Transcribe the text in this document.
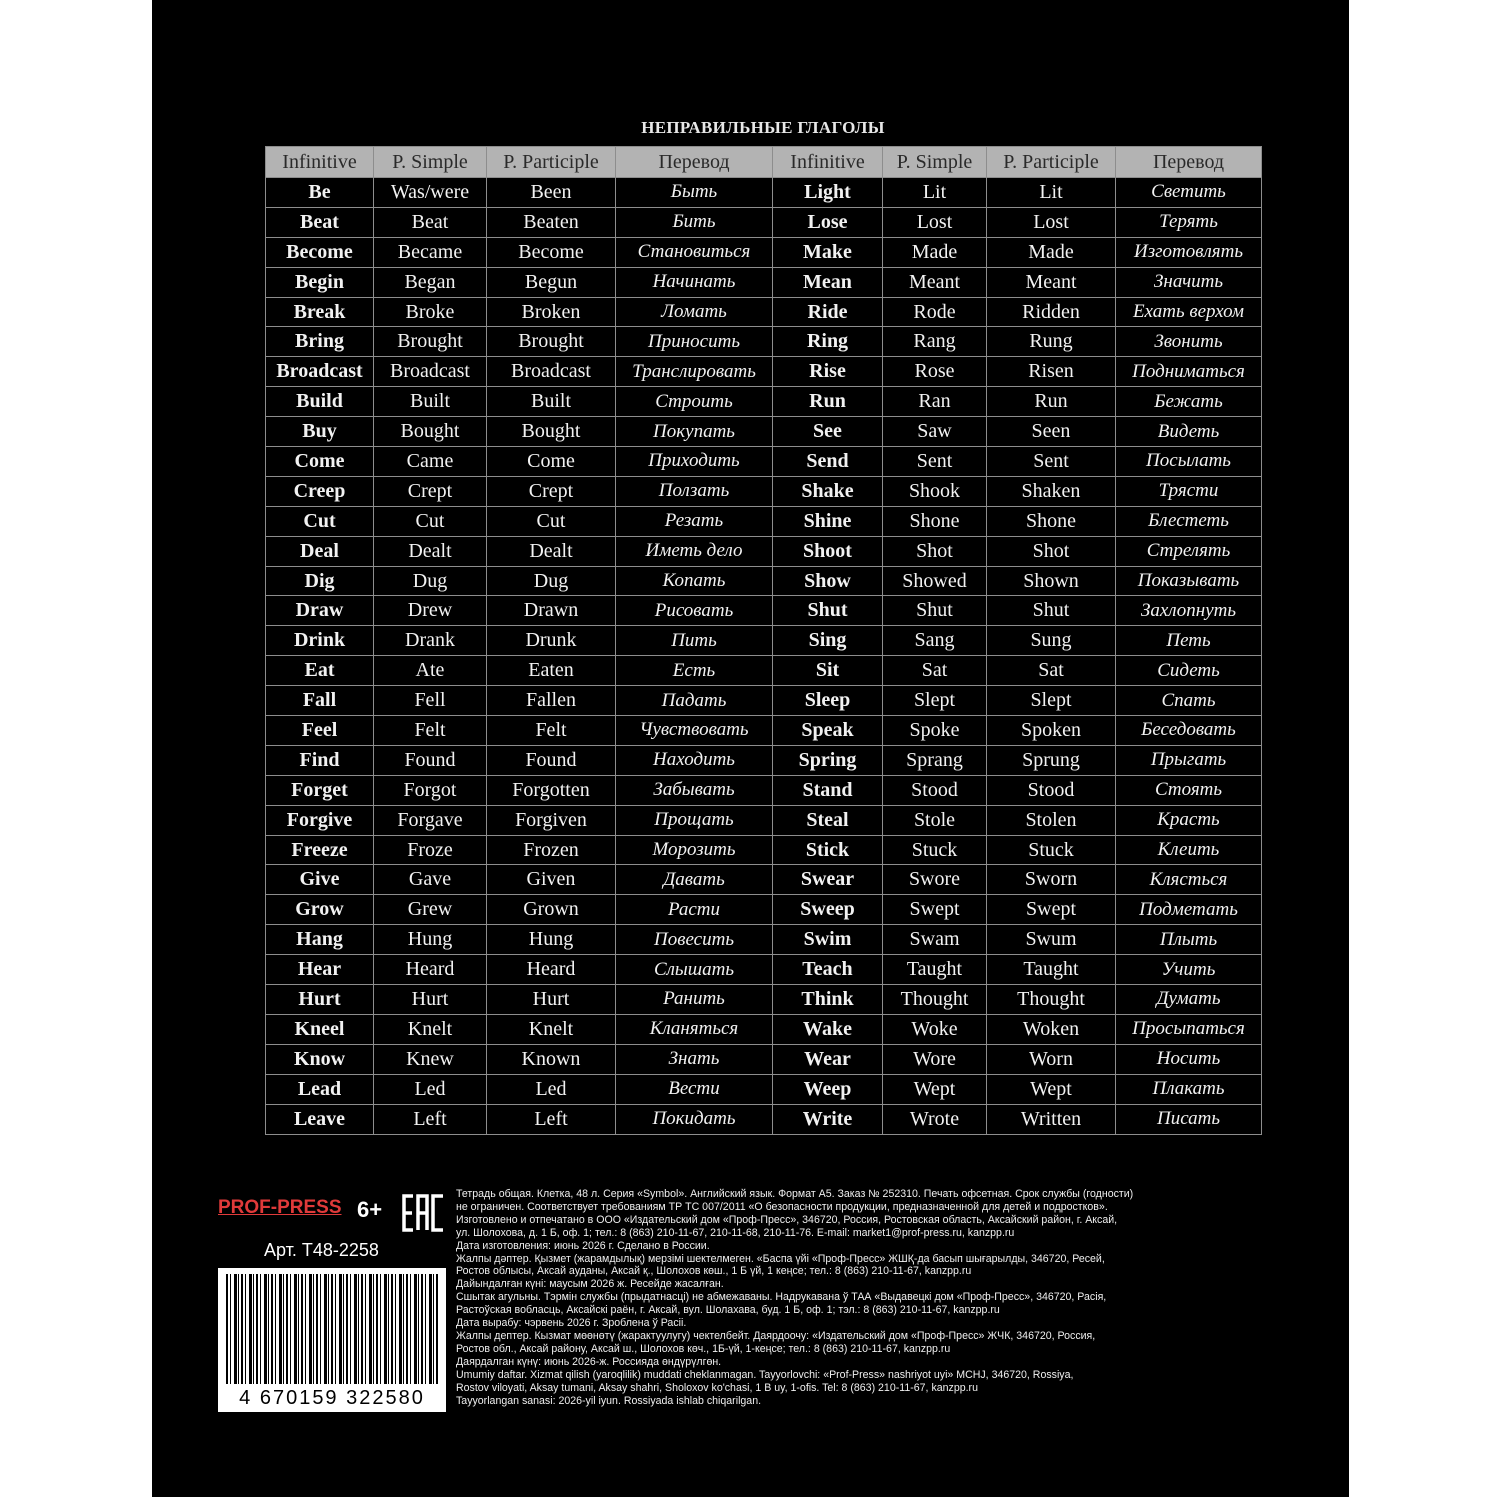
НЕПРАВИЛЬНЫЕ ГЛАГОЛЫ
Infinitive	P. Simple	P. Participle	Перевод	Infinitive	P. Simple	P. Participle	Перевод
Be	Was/were	Been	Быть	Light	Lit	Lit	Светить
Beat	Beat	Beaten	Бить	Lose	Lost	Lost	Терять
Become	Became	Become	Становиться	Make	Made	Made	Изготовлять
Begin	Began	Begun	Начинать	Mean	Meant	Meant	Значить
Break	Broke	Broken	Ломать	Ride	Rode	Ridden	Ехать верхом
Bring	Brought	Brought	Приносить	Ring	Rang	Rung	Звонить
Broadcast	Broadcast	Broadcast	Транслировать	Rise	Rose	Risen	Подниматься
Build	Built	Built	Строить	Run	Ran	Run	Бежать
Buy	Bought	Bought	Покупать	See	Saw	Seen	Видеть
Come	Came	Come	Приходить	Send	Sent	Sent	Посылать
Creep	Crept	Crept	Ползать	Shake	Shook	Shaken	Трясти
Cut	Cut	Cut	Резать	Shine	Shone	Shone	Блестеть
Deal	Dealt	Dealt	Иметь дело	Shoot	Shot	Shot	Стрелять
Dig	Dug	Dug	Копать	Show	Showed	Shown	Показывать
Draw	Drew	Drawn	Рисовать	Shut	Shut	Shut	Захлопнуть
Drink	Drank	Drunk	Пить	Sing	Sang	Sung	Петь
Eat	Ate	Eaten	Есть	Sit	Sat	Sat	Сидеть
Fall	Fell	Fallen	Падать	Sleep	Slept	Slept	Спать
Feel	Felt	Felt	Чувствовать	Speak	Spoke	Spoken	Беседовать
Find	Found	Found	Находить	Spring	Sprang	Sprung	Прыгать
Forget	Forgot	Forgotten	Забывать	Stand	Stood	Stood	Стоять
Forgive	Forgave	Forgiven	Прощать	Steal	Stole	Stolen	Красть
Freeze	Froze	Frozen	Морозить	Stick	Stuck	Stuck	Клеить
Give	Gave	Given	Давать	Swear	Swore	Sworn	Клясться
Grow	Grew	Grown	Расти	Sweep	Swept	Swept	Подметать
Hang	Hung	Hung	Повесить	Swim	Swam	Swum	Плыть
Hear	Heard	Heard	Слышать	Teach	Taught	Taught	Учить
Hurt	Hurt	Hurt	Ранить	Think	Thought	Thought	Думать
Kneel	Knelt	Knelt	Кланяться	Wake	Woke	Woken	Просыпаться
Know	Knew	Known	Знать	Wear	Wore	Worn	Носить
Lead	Led	Led	Вести	Weep	Wept	Wept	Плакать
Leave	Left	Left	Покидать	Write	Wrote	Written	Писать
PROF-PRESS 6+
Арт. Т48-2258
4 670159 322580
Тетрадь общая. Клетка, 48 л. Серия «Symbol». Английский язык. Формат А5. Заказ № 252310. Печать офсетная. Срок службы (годности)
не ограничен. Соответствует требованиям ТР ТС 007/2011 «О безопасности продукции, предназначенной для детей и подростков».
Изготовлено и отпечатано в ООО «Издательский дом «Проф-Пресс», 346720, Россия, Ростовская область, Аксайский район, г. Аксай,
ул. Шолохова, д. 1 Б, оф. 1; тел.: 8 (863) 210-11-67, 210-11-68, 210-11-76. E-mail: market1@prof-press.ru, kanzpp.ru
Дата изготовления: июнь 2026 г. Сделано в России.
Жалпы дәптер. Қызмет (жарамдылық) мерзімі шектелмеген. «Баспа үйі «Проф-Пресс» ЖШҚ-да басып шығарылды, 346720, Ресей,
Ростов облысы, Аксай ауданы, Аксай қ., Шолохов көш., 1 Б үй, 1 кеңсе; тел.: 8 (863) 210-11-67, kanzpp.ru
Дайындалған күні: маусым 2026 ж. Ресейде жасалған.
Сшытак агульны. Тэрмін службы (прыдатнасці) не абмежаваны. Надрукавана ў ТАА «Выдавецкі дом «Проф-Пресс», 346720, Расія,
Растоўская вобласць, Аксайскі раён, г. Аксай, вул. Шолахава, буд. 1 Б, оф. 1; тэл.: 8 (863) 210-11-67, kanzpp.ru
Дата вырабу: чэрвень 2026 г. Зроблена ў Расіі.
Жалпы дептер. Кызмат мөөнөтү (жарактуулугу) чектелбейт. Даярдоочу: «Издательский дом «Проф-Пресс» ЖЧК, 346720, Россия,
Ростов обл., Аксай району, Аксай ш., Шолохов көч., 1Б-үй, 1-кеңсе; тел.: 8 (863) 210-11-67, kanzpp.ru
Даярдалган күнү: июнь 2026-ж. Россияда өндүрүлгөн.
Umumiy daftar. Xizmat qilish (yaroqlilik) muddati cheklanmagan. Tayyorlovchi: «Prof-Press» nashriyot uyi» MCHJ, 346720, Rossiya,
Rostov viloyati, Aksay tumani, Aksay shahri, Sholoxov ko'chasi, 1 B uy, 1-ofis. Tel: 8 (863) 210-11-67, kanzpp.ru
Tayyorlangan sanasi: 2026-yil iyun. Rossiyada ishlab chiqarilgan.
